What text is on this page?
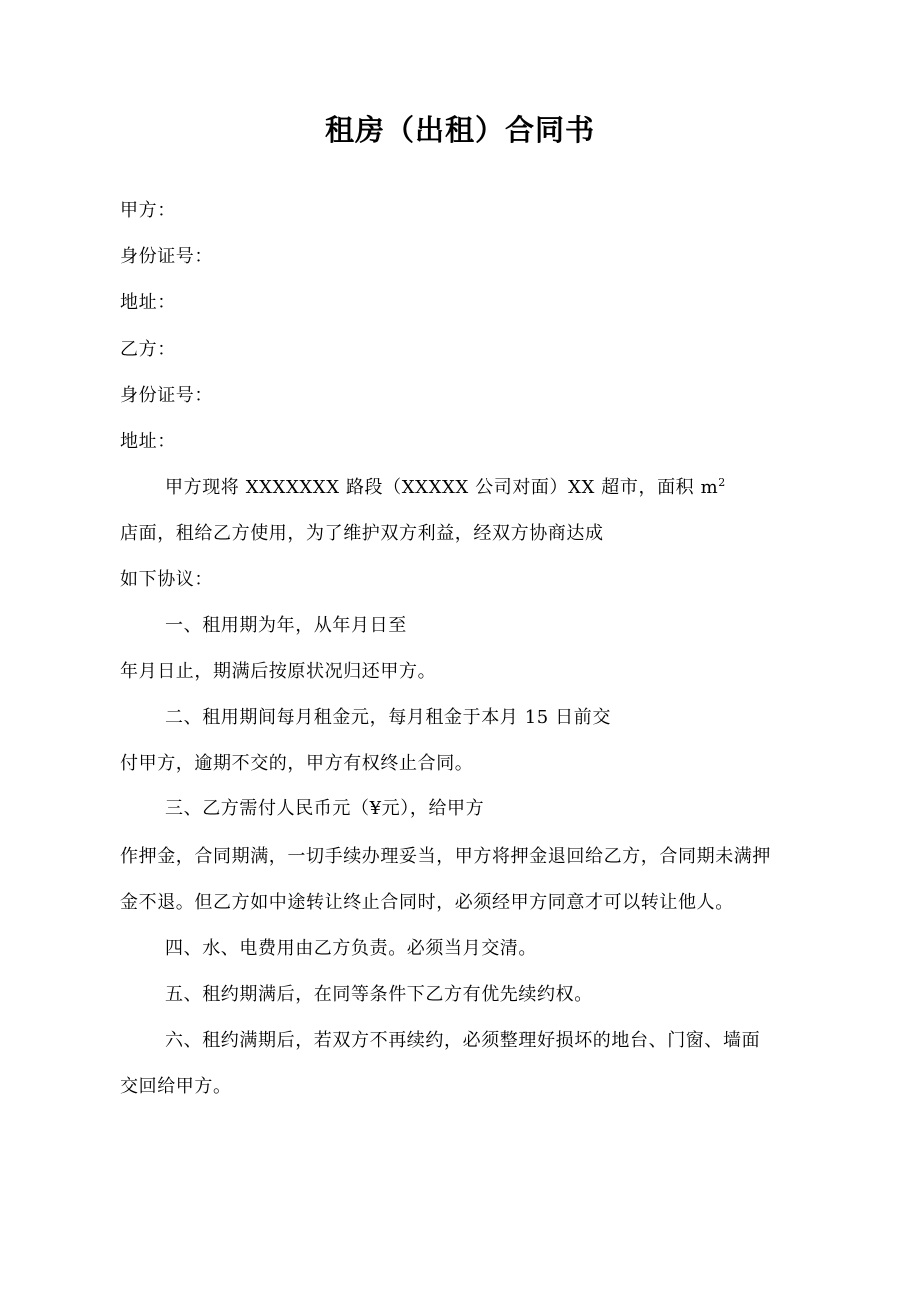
租房（出租）合同书
甲方：
身份证号：
地址：
乙方：
身份证号：
地址：
甲方现将 XXXXXXX 路段（XXXXX 公司对面）XX 超市，面积 $m^2$
店面，租给乙方使用，为了维护双方利益，经双方协商达成
如下协议：
一、租用期为年，从年月日至
年月日止，期满后按原状况归还甲方。
二、租用期间每月租金元，每月租金于本月 15 日前交
付甲方，逾期不交的，甲方有权终止合同。
三、乙方需付人民币元（¥元），给甲方
作押金，合同期满，一切手续办理妥当，甲方将押金退回给乙方，合同期未满押
金不退。但乙方如中途转让终止合同时，必须经甲方同意才可以转让他人。
四、水、电费用由乙方负责。必须当月交清。
五、租约期满后，在同等条件下乙方有优先续约权。
六、租约满期后，若双方不再续约，必须整理好损坏的地台、门窗、墙面
交回给甲方。
